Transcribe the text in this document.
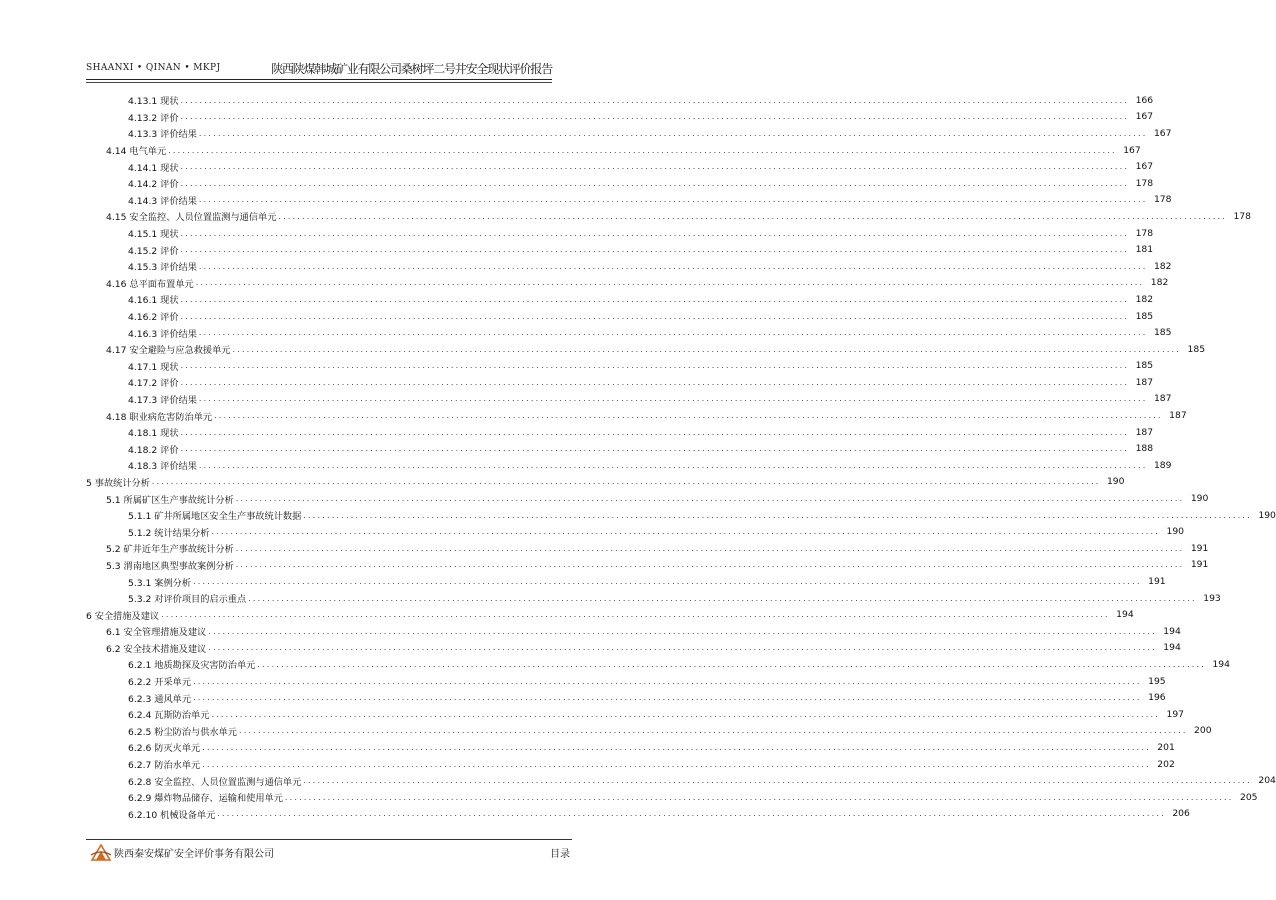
SHAANXI • QINAN • MKPJ	陕西陕煤韩城矿业有限公司桑树坪二号井安全现状评价报告
4.13.1 现状 ........................................................................................................................................................................................................ 166
4.13.2 评价 ........................................................................................................................................................................................................ 167
4.13.3 评价结果 ........................................................................................................................................................................................................ 167
4.14 电气单元 ........................................................................................................................................................................................................ 167
4.14.1 现状 ........................................................................................................................................................................................................ 167
4.14.2 评价 ........................................................................................................................................................................................................ 178
4.14.3 评价结果 ........................................................................................................................................................................................................ 178
4.15 安全监控、人员位置监测与通信单元 ........................................................................................................................................................................................................ 178
4.15.1 现状 ........................................................................................................................................................................................................ 178
4.15.2 评价 ........................................................................................................................................................................................................ 181
4.15.3 评价结果 ........................................................................................................................................................................................................ 182
4.16 总平面布置单元 ........................................................................................................................................................................................................ 182
4.16.1 现状 ........................................................................................................................................................................................................ 182
4.16.2 评价 ........................................................................................................................................................................................................ 185
4.16.3 评价结果 ........................................................................................................................................................................................................ 185
4.17 安全避险与应急救援单元 ........................................................................................................................................................................................................ 185
4.17.1 现状 ........................................................................................................................................................................................................ 185
4.17.2 评价 ........................................................................................................................................................................................................ 187
4.17.3 评价结果 ........................................................................................................................................................................................................ 187
4.18 职业病危害防治单元 ........................................................................................................................................................................................................ 187
4.18.1 现状 ........................................................................................................................................................................................................ 187
4.18.2 评价 ........................................................................................................................................................................................................ 188
4.18.3 评价结果 ........................................................................................................................................................................................................ 189
5 事故统计分析 ........................................................................................................................................................................................................ 190
5.1 所属矿区生产事故统计分析 ........................................................................................................................................................................................................ 190
5.1.1 矿井所属地区安全生产事故统计数据 ........................................................................................................................................................................................................ 190
5.1.2 统计结果分析 ........................................................................................................................................................................................................ 190
5.2 矿井近年生产事故统计分析 ........................................................................................................................................................................................................ 191
5.3 渭南地区典型事故案例分析 ........................................................................................................................................................................................................ 191
5.3.1 案例分析 ........................................................................................................................................................................................................ 191
5.3.2 对评价项目的启示重点 ........................................................................................................................................................................................................ 193
6 安全措施及建议 ........................................................................................................................................................................................................ 194
6.1 安全管理措施及建议 ........................................................................................................................................................................................................ 194
6.2 安全技术措施及建议 ........................................................................................................................................................................................................ 194
6.2.1 地质勘探及灾害防治单元 ........................................................................................................................................................................................................ 194
6.2.2 开采单元 ........................................................................................................................................................................................................ 195
6.2.3 通风单元 ........................................................................................................................................................................................................ 196
6.2.4 瓦斯防治单元 ........................................................................................................................................................................................................ 197
6.2.5 粉尘防治与供水单元 ........................................................................................................................................................................................................ 200
6.2.6 防灭火单元 ........................................................................................................................................................................................................ 201
6.2.7 防治水单元 ........................................................................................................................................................................................................ 202
6.2.8 安全监控、人员位置监测与通信单元 ........................................................................................................................................................................................................ 204
6.2.9 爆炸物品储存、运输和使用单元 ........................................................................................................................................................................................................ 205
6.2.10 机械设备单元 ........................................................................................................................................................................................................ 206
陕西秦安煤矿安全评价事务有限公司	目录
